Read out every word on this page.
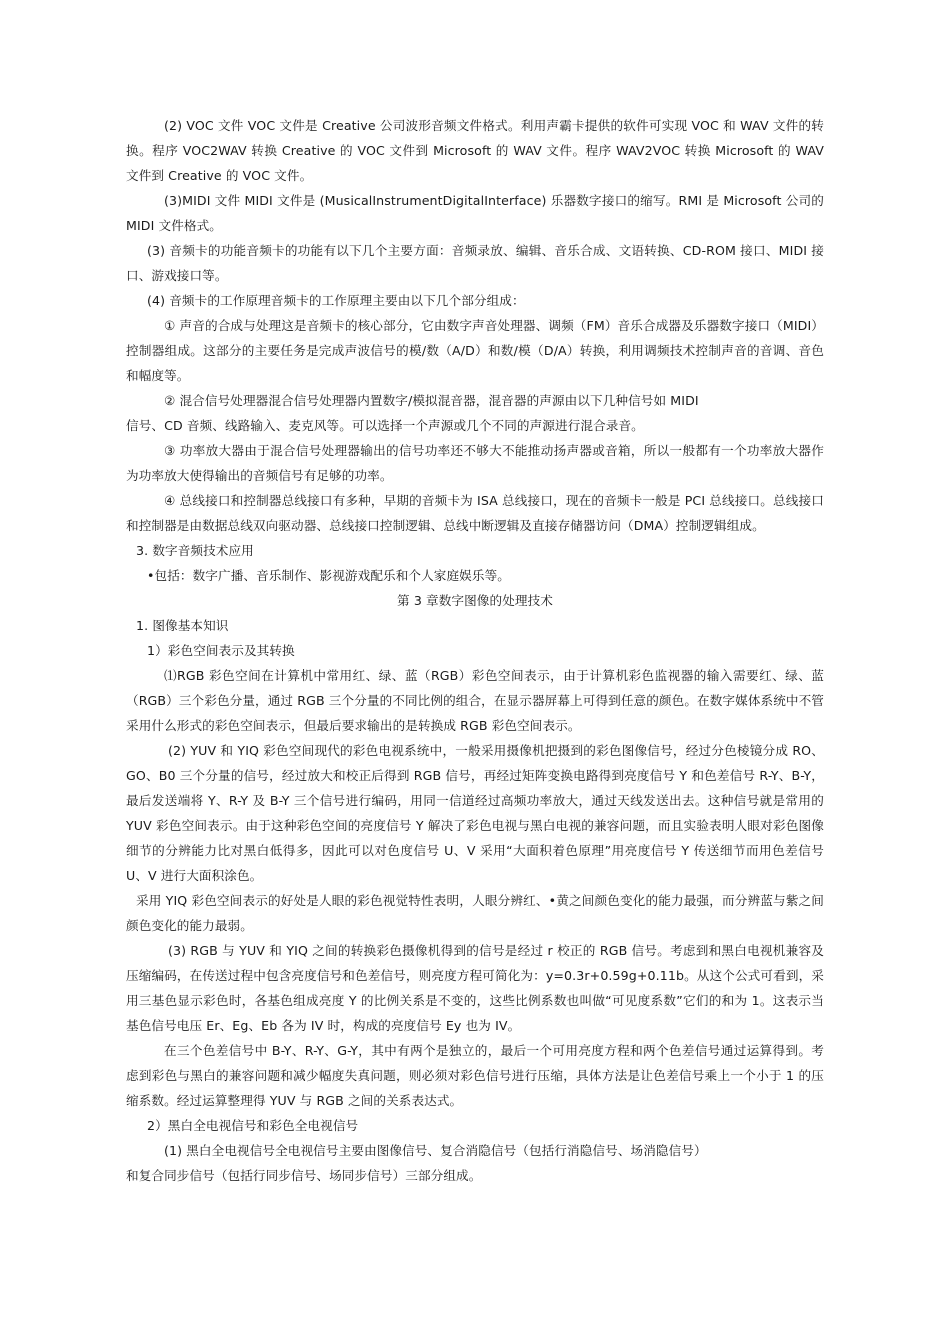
(2) VOC 文件 VOC 文件是 Creative 公司波形音频文件格式。利用声霸卡提供的软件可实现 VOC 和 WAV 文件的转换。程序 VOC2WAV 转换 Creative 的 VOC 文件到 Microsoft 的 WAV 文件。程序 WAV2VOC 转换 Microsoft 的 WAV 文件到 Creative 的 VOC 文件。

(3)MIDI 文件 MIDI 文件是 (MusicalInstrumentDigitalInterface) 乐器数字接口的缩写。RMI 是 Microsoft 公司的 MIDI 文件格式。

(3) 音频卡的功能音频卡的功能有以下几个主要方面：音频录放、编辑、音乐合成、文语转换、CD-ROM 接口、MIDI 接口、游戏接口等。

(4) 音频卡的工作原理音频卡的工作原理主要由以下几个部分组成：

① 声音的合成与处理这是音频卡的核心部分，它由数字声音处理器、调频（FM）音乐合成器及乐器数字接口（MIDI）控制器组成。这部分的主要任务是完成声波信号的模/数（A/D）和数/模（D/A）转换，利用调频技术控制声音的音调、音色和幅度等。

② 混合信号处理器混合信号处理器内置数字/模拟混音器，混音器的声源由以下几种信号如 MIDI

信号、CD 音频、线路输入、麦克风等。可以选择一个声源或几个不同的声源进行混合录音。

③ 功率放大器由于混合信号处理器输出的信号功率还不够大不能推动扬声器或音箱，所以一般都有一个功率放大器作为功率放大使得输出的音频信号有足够的功率。

④ 总线接口和控制器总线接口有多种，早期的音频卡为 ISA 总线接口，现在的音频卡一般是 PCI 总线接口。总线接口和控制器是由数据总线双向驱动器、总线接口控制逻辑、总线中断逻辑及直接存储器访问（DMA）控制逻辑组成。

3. 数字音频技术应用

•包括：数字广播、音乐制作、影视游戏配乐和个人家庭娱乐等。

第 3 章数字图像的处理技术

1. 图像基本知识

1）彩色空间表示及其转换

⑴RGB 彩色空间在计算机中常用红、绿、蓝（RGB）彩色空间表示，由于计算机彩色监视器的输入需要红、绿、蓝（RGB）三个彩色分量，通过 RGB 三个分量的不同比例的组合，在显示器屏幕上可得到任意的颜色。在数字媒体系统中不管采用什么形式的彩色空间表示，但最后要求输出的是转换成 RGB 彩色空间表示。

(2) YUV 和 YIQ 彩色空间现代的彩色电视系统中，一般采用摄像机把摄到的彩色图像信号，经过分色棱镜分成 RO、GO、B0 三个分量的信号，经过放大和校正后得到 RGB 信号，再经过矩阵变换电路得到亮度信号 Y 和色差信号 R-Y、B-Y，最后发送端将 Y、R-Y 及 B-Y 三个信号进行编码，用同一信道经过高频功率放大，通过天线发送出去。这种信号就是常用的 YUV 彩色空间表示。由于这种彩色空间的亮度信号 Y 解决了彩色电视与黑白电视的兼容问题，而且实验表明人眼对彩色图像细节的分辨能力比对黑白低得多，因此可以对色度信号 U、V 采用“大面积着色原理”用亮度信号 Y 传送细节而用色差信号 U、V 进行大面积涂色。

采用 YIQ 彩色空间表示的好处是人眼的彩色视觉特性表明，人眼分辨红、•黄之间颜色变化的能力最强，而分辨蓝与紫之间颜色变化的能力最弱。

(3) RGB 与 YUV 和 YIQ 之间的转换彩色摄像机得到的信号是经过 r 校正的 RGB 信号。考虑到和黑白电视机兼容及压缩编码，在传送过程中包含亮度信号和色差信号，则亮度方程可简化为：y=0.3r+0.59g+0.11b。从这个公式可看到，采用三基色显示彩色时，各基色组成亮度 Y 的比例关系是不变的，这些比例系数也叫做“可见度系数”它们的和为 1。这表示当基色信号电压 Er、Eg、Eb 各为 IV 时，构成的亮度信号 Ey 也为 IV。

在三个色差信号中 B-Y、R-Y、G-Y，其中有两个是独立的，最后一个可用亮度方程和两个色差信号通过运算得到。考虑到彩色与黑白的兼容问题和减少幅度失真问题，则必须对彩色信号进行压缩，具体方法是让色差信号乘上一个小于 1 的压缩系数。经过运算整理得 YUV 与 RGB 之间的关系表达式。

2）黑白全电视信号和彩色全电视信号

(1) 黑白全电视信号全电视信号主要由图像信号、复合消隐信号（包括行消隐信号、场消隐信号）

和复合同步信号（包括行同步信号、场同步信号）三部分组成。
